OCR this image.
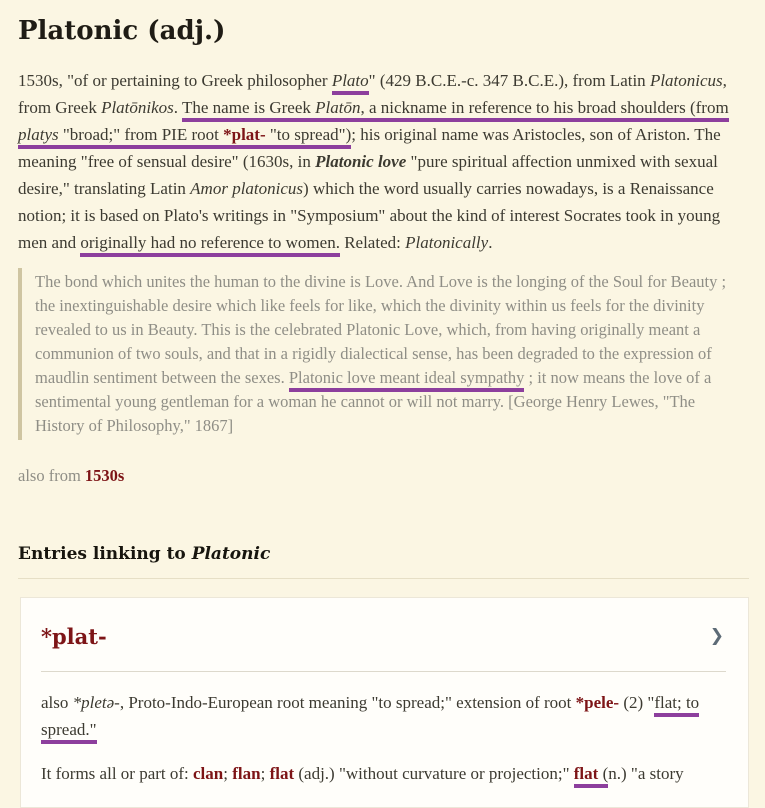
Platonic (adj.)

1530s, "of or pertaining to Greek philosopher Plato" (429 B.C.E.-c. 347 B.C.E.), from Latin Platonicus, from Greek Platōnikos. The name is Greek Platōn, a nickname in reference to his broad shoulders (from platys "broad;" from PIE root *plat- "to spread"); his original name was Aristocles, son of Ariston. The meaning "free of sensual desire" (1630s, in Platonic love "pure spiritual affection unmixed with sexual desire," translating Latin Amor platonicus) which the word usually carries nowadays, is a Renaissance notion; it is based on Plato's writings in "Symposium" about the kind of interest Socrates took in young men and originally had no reference to women. Related: Platonically.

The bond which unites the human to the divine is Love. And Love is the longing of the Soul for Beauty ; the inextinguishable desire which like feels for like, which the divinity within us feels for the divinity revealed to us in Beauty. This is the celebrated Platonic Love, which, from having originally meant a communion of two souls, and that in a rigidly dialectical sense, has been degraded to the expression of maudlin sentiment between the sexes. Platonic love meant ideal sympathy ; it now means the love of a sentimental young gentleman for a woman he cannot or will not marry. [George Henry Lewes, "The History of Philosophy," 1867]

also from 1530s

Entries linking to Platonic
*plat-	❯

also *pletə-, Proto-Indo-European root meaning "to spread;" extension of root *pele- (2) "flat; to spread."

It forms all or part of: clan; flan; flat (adj.) "without curvature or projection;" flat (n.) "a story
